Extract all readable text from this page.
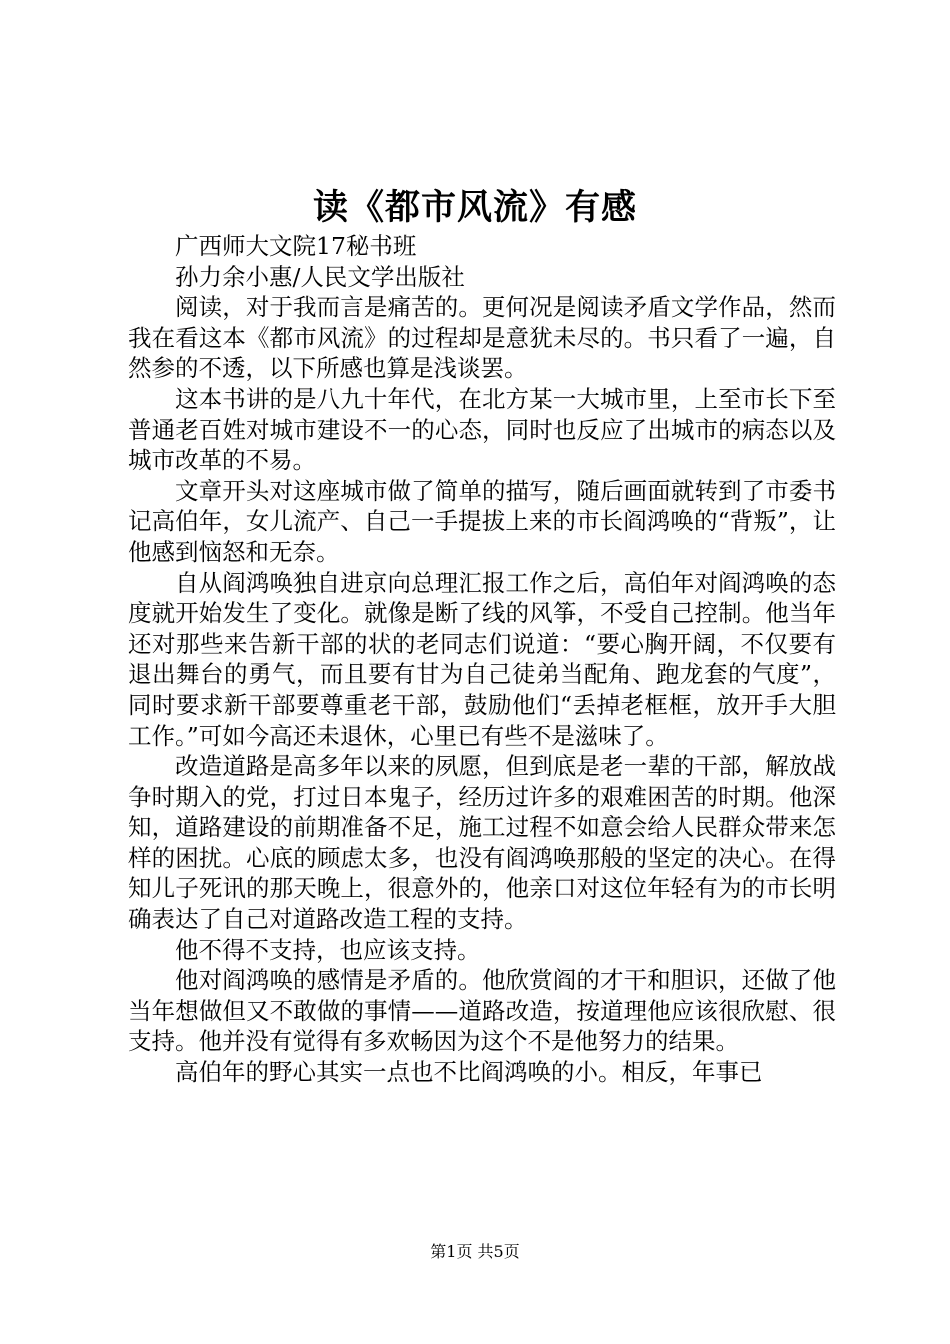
读《都市风流》有感

广西师大文院17秘书班

孙力余小惠/人民文学出版社

阅读，对于我而言是痛苦的。更何况是阅读矛盾文学作品，然而我在看这本《都市风流》的过程却是意犹未尽的。书只看了一遍，自然参的不透，以下所感也算是浅谈罢。

这本书讲的是八九十年代，在北方某一大城市里，上至市长下至普通老百姓对城市建设不一的心态，同时也反应了出城市的病态以及城市改革的不易。

文章开头对这座城市做了简单的描写，随后画面就转到了市委书记高伯年，女儿流产、自己一手提拔上来的市长阎鸿唤的“背叛”，让他感到恼怒和无奈。

自从阎鸿唤独自进京向总理汇报工作之后，高伯年对阎鸿唤的态度就开始发生了变化。就像是断了线的风筝，不受自己控制。他当年还对那些来告新干部的状的老同志们说道：“要心胸开阔，不仅要有退出舞台的勇气，而且要有甘为自己徒弟当配角、跑龙套的气度”，同时要求新干部要尊重老干部，鼓励他们“丢掉老框框，放开手大胆工作。”可如今高还未退休，心里已有些不是滋味了。

改造道路是高多年以来的夙愿，但到底是老一辈的干部，解放战争时期入的党，打过日本鬼子，经历过许多的艰难困苦的时期。他深知，道路建设的前期准备不足，施工过程不如意会给人民群众带来怎样的困扰。心底的顾虑太多，也没有阎鸿唤那般的坚定的决心。在得知儿子死讯的那天晚上，很意外的，他亲口对这位年轻有为的市长明确表达了自己对道路改造工程的支持。

他不得不支持，也应该支持。

他对阎鸿唤的感情是矛盾的。他欣赏阎的才干和胆识，还做了他当年想做但又不敢做的事情——道路改造，按道理他应该很欣慰、很支持。他并没有觉得有多欢畅因为这个不是他努力的结果。

高伯年的野心其实一点也不比阎鸿唤的小。相反，年事已

第1页 共5页
